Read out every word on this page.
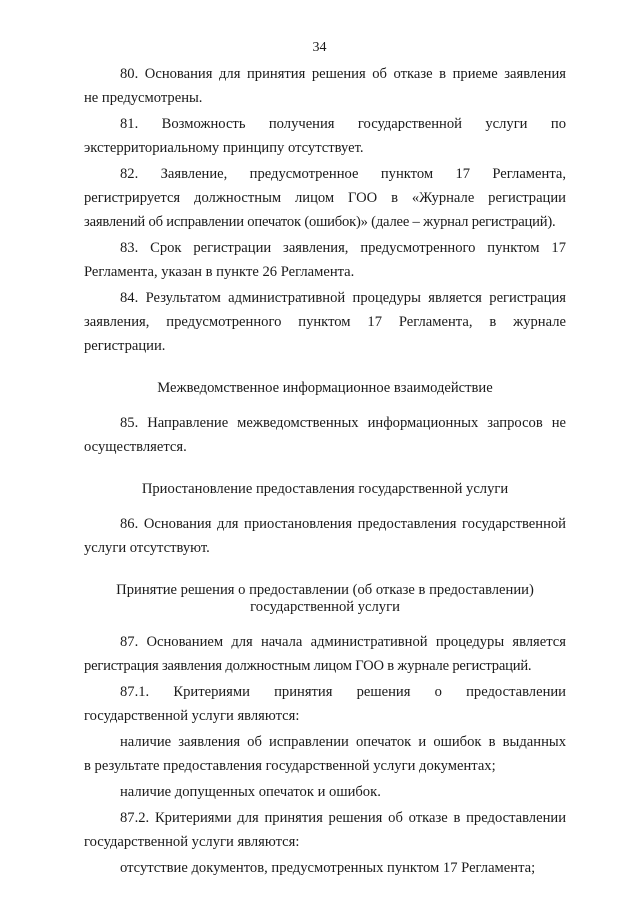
34
80. Основания для принятия решения об отказе в приеме заявления
не предусмотрены.
81. Возможность получения государственной услуги по
экстерриториальному принципу отсутствует.
82. Заявление, предусмотренное пунктом 17 Регламента,
регистрируется должностным лицом ГОО в «Журнале регистрации
заявлений об исправлении опечаток (ошибок)» (далее – журнал регистраций).
83. Срок регистрации заявления, предусмотренного пунктом 17
Регламента, указан в пункте 26 Регламента.
84. Результатом административной процедуры является регистрация
заявления, предусмотренного пунктом 17 Регламента, в журнале
регистрации.
Межведомственное информационное взаимодействие
85. Направление межведомственных информационных запросов не
осуществляется.
Приостановление предоставления государственной услуги
86. Основания для приостановления предоставления государственной
услуги отсутствуют.
Принятие решения о предоставлении (об отказе в предоставлении)
государственной услуги
87. Основанием для начала административной процедуры является
регистрация заявления должностным лицом ГОО в журнале регистраций.
87.1. Критериями принятия решения о предоставлении
государственной услуги являются:
наличие заявления об исправлении опечаток и ошибок в выданных
в результате предоставления государственной услуги документах;
наличие допущенных опечаток и ошибок.
87.2. Критериями для принятия решения об отказе в предоставлении
государственной услуги являются:
отсутствие документов, предусмотренных пунктом 17 Регламента;
